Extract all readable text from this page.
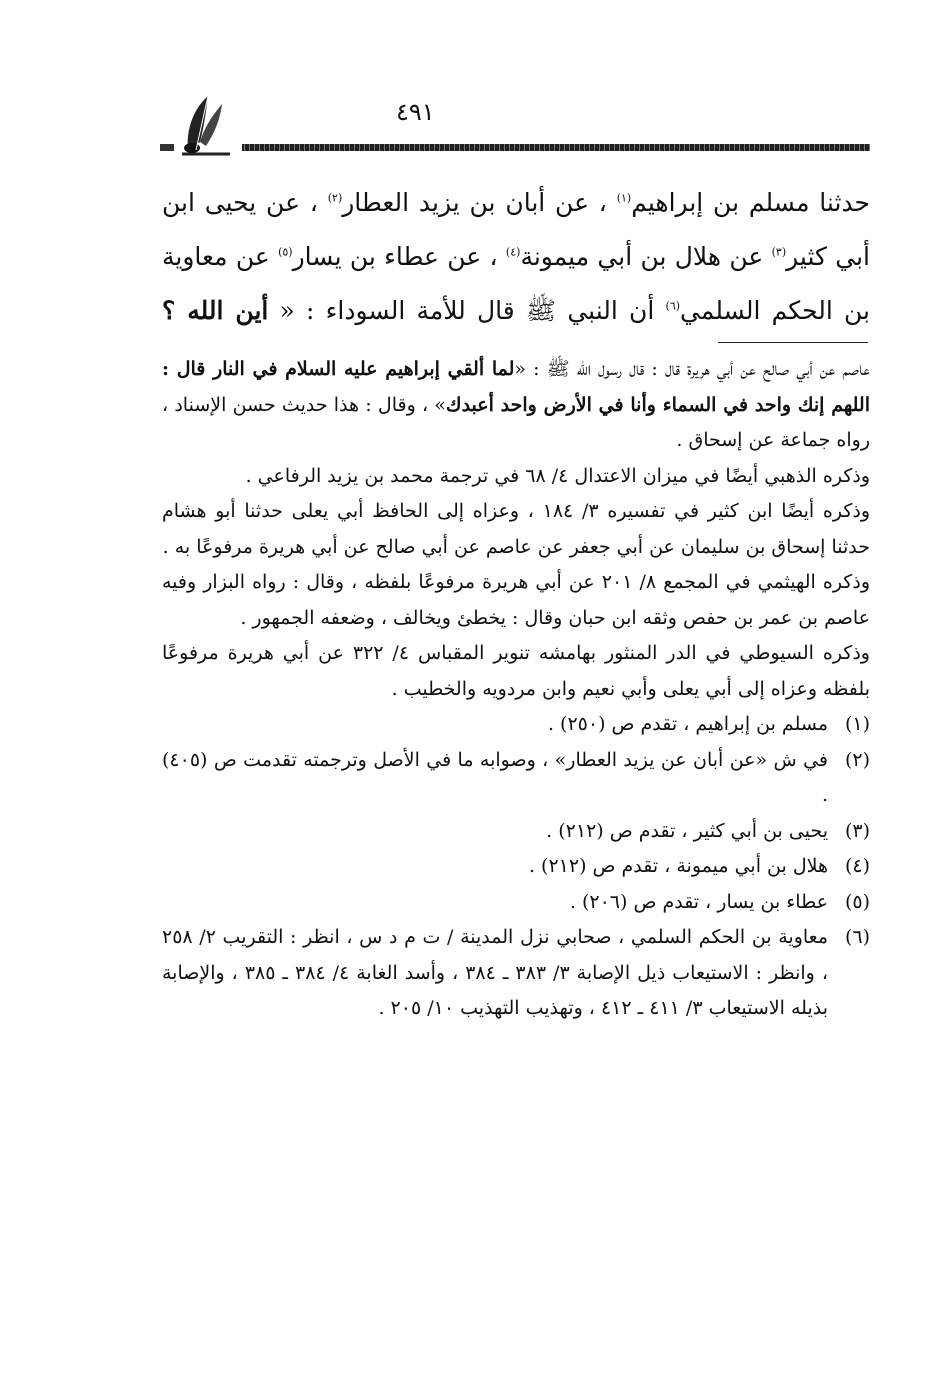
٤٩١

حدثنا مسلم بن إبراهيم$^{(١)}$ ، عن أبان بن يزيد العطار$^{(٢)}$ ، عن يحيى ابن أبي كثير$^{(٣)}$ عن هلال بن أبي ميمونة$^{(٤)}$ ، عن عطاء بن يسار$^{(٥)}$ عن معاوية بن الحكم السلمي$^{(٦)}$ أن النبي ﷺ قال للأمة السوداء : « أين الله ؟

عاصم عن أبي صالح عن أبي هريرة قال : قال رسول الله ﷺ : «لما ألقي إبراهيم عليه السلام في النار قال : اللهم إنك واحد في السماء وأنا في الأرض واحد أعبدك» ، وقال : هذا حديث حسن الإسناد ، رواه جماعة عن إسحاق .

وذكره الذهبي أيضًا في ميزان الاعتدال ٤/ ٦٨ في ترجمة محمد بن يزيد الرفاعي .

وذكره أيضًا ابن كثير في تفسيره ٣/ ١٨٤ ، وعزاه إلى الحافظ أبي يعلى حدثنا أبو هشام حدثنا إسحاق بن سليمان عن أبي جعفر عن عاصم عن أبي صالح عن أبي هريرة مرفوعًا به .

وذكره الهيثمي في المجمع ٨/ ٢٠١ عن أبي هريرة مرفوعًا بلفظه ، وقال : رواه البزار وفيه عاصم بن عمر بن حفص وثقه ابن حبان وقال : يخطئ ويخالف ، وضعفه الجمهور .

وذكره السيوطي في الدر المنثور بهامشه تنوير المقباس ٤/ ٣٢٢ عن أبي هريرة مرفوعًا بلفظه وعزاه إلى أبي يعلى وأبي نعيم وابن مردويه والخطيب .

(١)
مسلم بن إبراهيم ، تقدم ص (٢٥٠) .
(٢)
في ش «عن أبان عن يزيد العطار» ، وصوابه ما في الأصل وترجمته تقدمت ص (٤٠٥) .
(٣)
يحيى بن أبي كثير ، تقدم ص (٢١٢) .
(٤)
هلال بن أبي ميمونة ، تقدم ص (٢١٢) .
(٥)
عطاء بن يسار ، تقدم ص (٢٠٦) .
(٦)
معاوية بن الحكم السلمي ، صحابي نزل المدينة / ت م د س ، انظر : التقريب ٢/ ٢٥٨ ، وانظر : الاستيعاب ذيل الإصابة ٣/ ٣٨٣ ـ ٣٨٤ ، وأسد الغابة ٤/ ٣٨٤ ـ ٣٨٥ ، والإصابة بذيله الاستيعاب ٣/ ٤١١ ـ ٤١٢ ، وتهذيب التهذيب ١٠/ ٢٠٥ .
